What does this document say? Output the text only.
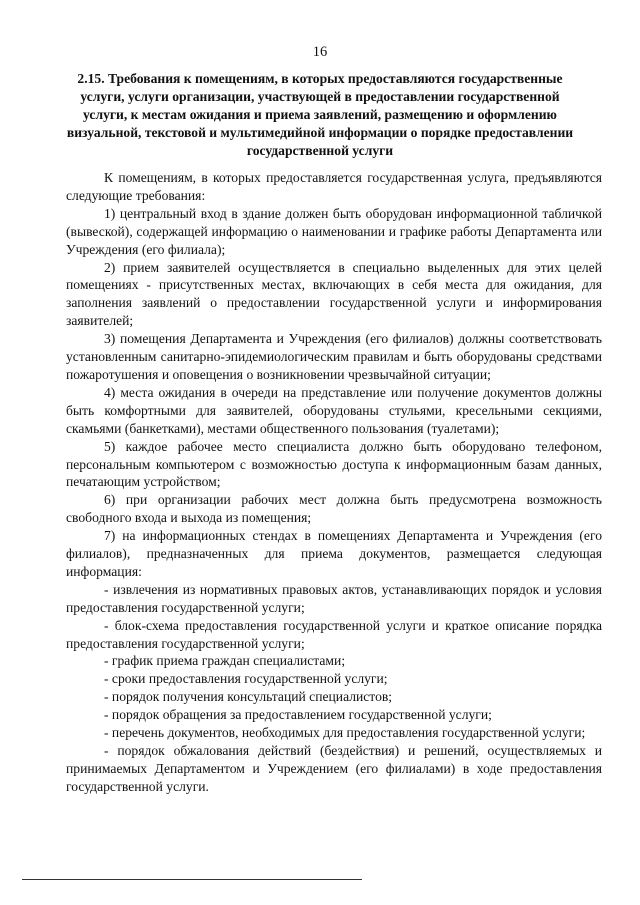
16
2.15. Требования к помещениям, в которых предоставляются государственные услуги, услуги организации, участвующей в предоставлении государственной услуги, к местам ожидания и приема заявлений, размещению и оформлению визуальной, текстовой и мультимедийной информации о порядке предоставлении государственной услуги

К помещениям, в которых предоставляется государственная услуга, предъявляются следующие требования:

1) центральный вход в здание должен быть оборудован информационной табличкой (вывеской), содержащей информацию о наименовании и графике работы Департамента или Учреждения (его филиала);

2) прием заявителей осуществляется в специально выделенных для этих целей помещениях - присутственных местах, включающих в себя места для ожидания, для заполнения заявлений о предоставлении государственной услуги и информирования заявителей;

3) помещения Департамента и Учреждения (его филиалов) должны соответствовать установленным санитарно-эпидемиологическим правилам и быть оборудованы средствами пожаротушения и оповещения о возникновении чрезвычайной ситуации;

4) места ожидания в очереди на представление или получение документов должны быть комфортными для заявителей, оборудованы стульями, кресельными секциями, скамьями (банкетками), местами общественного пользования (туалетами);

5) каждое рабочее место специалиста должно быть оборудовано телефоном, персональным компьютером с возможностью доступа к информационным базам данных, печатающим устройством;

6) при организации рабочих мест должна быть предусмотрена возможность свободного входа и выхода из помещения;

7) на информационных стендах в помещениях Департамента и Учреждения (его филиалов), предназначенных для приема документов, размещается следующая информация:

- извлечения из нормативных правовых актов, устанавливающих порядок и условия предоставления государственной услуги;

- блок-схема предоставления государственной услуги и краткое описание порядка предоставления государственной услуги;

- график приема граждан специалистами;

- сроки предоставления государственной услуги;

- порядок получения консультаций специалистов;

- порядок обращения за предоставлением государственной услуги;

- перечень документов, необходимых для предоставления государственной услуги;

- порядок обжалования действий (бездействия) и решений, осуществляемых и принимаемых Департаментом и Учреждением (его филиалами) в ходе предоставления государственной услуги.
